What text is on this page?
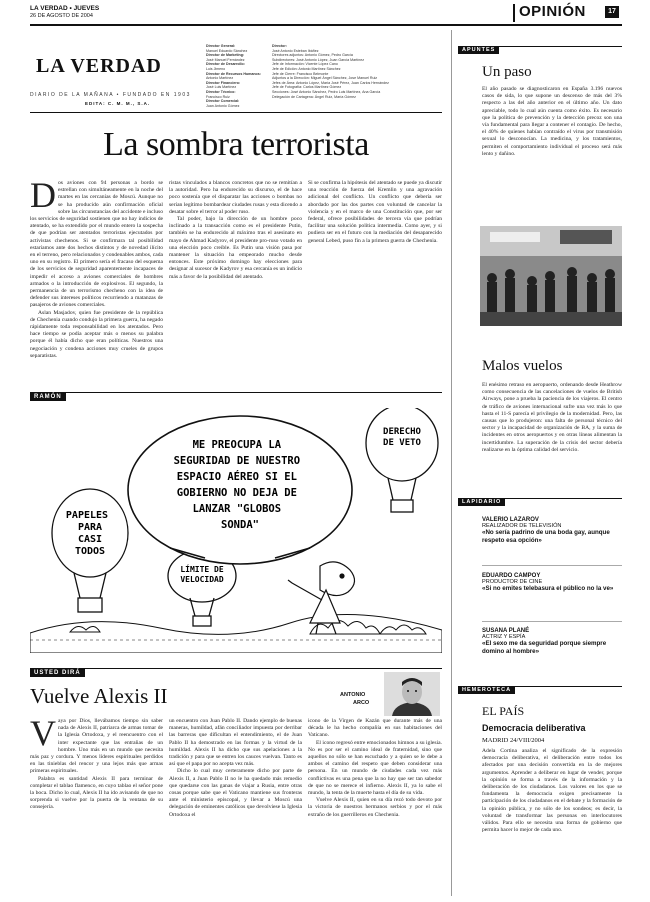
LA VERDAD • JUEVES
26 DE AGOSTO DE 2004	OPINIÓN	17
LA VERDAD
DIARIO DE LA MAÑANA • FUNDADO EN 1903
EDITA: C. M. M., S.A.
Director General:
Manuel Eduardo Sánchez
Director de Marketing:
José Manuel Fernández
Director de Desarrollo:
Luis Jimeno
Director de Recursos Humanos:
Antonio Martínez
Director Financiero:
José Luis Martínez
Director Técnico:
Francisco Ruiz
Director Comercial:
Juan Antonio Gómez
Director:
José Antonio Esteban Ibáñez
Directores adjuntos: Antonio Gómez, Pedro García
Subdirectores: José Antonio López, Juan García Martínez
Jefe de Información: Vicente López Cano
Jefe de Edición: Antonio Martínez Sánchez
Jefe de Cierre: Francisco Belmonte
Adjuntos a la Dirección: Miguel Ángel Sánchez, Jose Manuel Ruiz
Jefes de Área: Antonio López, María José Pérez, Juan Carlos Hernández
Jefe de Fotografía: Carlos Martínez Gómez
Secciones: José Antonio Sánchez, Pedro Luis Martínez, Ana García
Delegación de Cartagena: Ángel Ruiz, María Gómez
La sombra terrorista
D os aviones con 94 personas a bordo se estrellan con simultáneamente en la noche del martes en las cercanías de Moscú. Aunque no se ha producido aún confirmación oficial sobre las circunstancias del accidente e incluso los servicios de seguridad sostienen que no hay indicios de atentado, se ha extendido por el mundo entero la sospecha de que podrían ser atentados terroristas ejecutados por activistas chechenos. Si se confirmara tal posibilidad estaríamos ante dos hechos distintos y de novedad ilícito en el terreno, pero relacionados y condenables ambos, cada uno en su registro. El primero sería el fracaso del esquema de los servicios de seguridad aparentemente incapaces de impedir el acceso a aviones comerciales de hombres armados o la introducción de explosivos. El segundo, la permanencia de un terrorismo checheno con la idea de defender sus intereses políticos recurriendo a matanzas de pasajeros de aviones comerciales.
Aslan Masjadov, quien fue presidente de la república de Chechenia cuando condujo la primera guerra, ha negado rápidamente toda responsabilidad en los atentados. Pero hace tiempo se podía aceptar más o menos su palabra porque él había dicho que eran políticas. Nuestros una negociación y condena acciones muy crueles de grupos separatistas.
ristas vinculados a blancos concretos que no se remitían a la autoridad. Pero ha endurecido su discurso, el de hace poco sostenía que el disparatar las acciones o bombas no serían legítimo bombardear ciudades rusas y esta dicendo a desatar sobre el terror al poder ruso.
Tal poder, bajo la dirección de un hombre poco inclinado a la transacción como es el presidente Putin, también se ha endurecido al máximo tras el asesinato en mayo de Ahmad Kadyrov, el presidente pro-ruso votado en una elección poco creíble. Es Putin una visión pasa por mantener la situación ha empeorado mucho desde entonces. Este próximo domingo hay elecciones para designar al sucesor de Kadyrov y esa cercanía es un indicio más a favor de la posibilidad del atentado.
Si se confirma la hipótesis del atentado se puede ya discutir una reacción de fuerza del Kremlin y una agravación adicional del conflicto. Un conflicto que debería ser abordado por las dos partes con voluntad de cancelar la violencia y en el marco de una Constitución que, por ser federal, ofrece posibilidades de tercera vía que podrían facilitar una solución política intermedia. Como ayer, y si pudiera ser en el futuro con la mediación del desaparecido general Lebed, puso fin a la primera guerra de Chechenia.
RAMÓN
PAPELES PARA CASI TODOS
DERECHO DE VETO
LÍMITE DE VELOCIDAD
ME PREOCUPA LA SEGURIDAD DE NUESTRO ESPACIO AÉREO SI EL GOBIERNO NO DEJA DE LANZAR "GLOBOS SONDA"
USTED DIRÁ
Vuelve Alexis II	ANTONIO
ARCO
V aya por Dios, llevábamos tiempo sin saber nada de Alexis II, patriarca de armas tomar de la Iglesia Ortodoxa, y el reencuentro con el inter expectante que las entrañas de un hombre. Uno más en un mundo que necesita más paz y cordura. Y menos líderes espirituales perdidos en las tinieblas del rencor y una lejos más que armas primeras espirituales.
Palabra es santidad Alexis II para terminar de completar el tablao flamenco, en cuyo tablao el señor pone la boca. Dicho lo cual, Alexis II ha ido avisando de que no sorprenda si vuelve por la puerta de la ventana de su consejería.
un encuentro con Juan Pablo II. Dando ejemplo de buenas maneras, humildad, afán conciliador impuesta por derribar las barreras que dificultan el entendimiento, el de Juan Pablo II ha demostrado en las formas y la virtud de la humildad. Alexis II ha dicho que sus apelaciones a la tradición y para que se entren los cauces vuelvan. Tanto es así que el papa por no acepta vez más.
Dicho lo cual muy certeramente dicho por parte de Alexis II, a Juan Pablo II no le ha quedado más remedio que quedarse con las ganas de viajar a Rusia, entre otras cosas porque sabe que el Vaticano mantiene sus fronteras ante el ministerio episcopal, y llevar a Moscú una delegación de eminentes católicos que devolviese la Iglesia Ortodoxa el
icono de la Virgen de Kazán que durante más de una década le ha hecho compañía en sus habitaciones del Vaticano.
El icono regresó entre emocionados himnos a su iglesia. No es por ser el camino ideal de fraternidad, sino que aquellos no sólo se han escuchado y a quien se le debe a ambos el camino del respeto que deben considerar una persona. En un mundo de ciudades cada vez más conflictivas es una pena que la no hay que ser tan sabedor de que no se merece el infierno. Alexis II, ya lo sabe el mundo, la tenta de la muerte hasta el día de su vida.
Vuelve Alexis II, quien en su día rezó todo devoto por la victoria de nuestros hermanos serbios y por el más extraño de los guerrilleros en Chechenia.
APUNTES
Un paso
El año pasado se diagnosticaron en España 3.196 nuevos casos de sida, lo que supone un descenso de más del 3% respecto a las del año anterior en el último año. Un dato apreciable, todo lo cual aún cuenta como éxito. Es necesario que la política de prevención y la detección precoz son una vía fundamental para llegar a contener el contagio. De hecho, el 40% de quienes habían contraído el virus por transmisión sexual lo desconocían. La medicina, y los tratamientos, permiten el comportamiento individual el proceso será más lento y dañino.
Malos vuelos
El enésimo retraso en aeropuerto, ordenando desde Heathrow como consecuencia de las cancelaciones de vuelos de British Airways, pone a prueba la paciencia de los viajeros. El centro de tráfico de aviones internacional sufre una vez más lo que hasta el 11-S parecía el privilegio de la modernidad. Pero, las causas que lo produjeron: una falta de personal técnico del sector y la incapacidad de organización de BA, y la suma de incidentes en otros aeropuertos y en otras líneas alimentan la incertidumbre. La superación de la crisis del sector debería realizarse en la óptima calidad del servicio.
LAPIDARIO
VALERIO LAZAROV
REALIZADOR DE TELEVISIÓN
«No sería padrino de una boda gay, aunque respeto esa opción»
EDUARDO CAMPOY
PRODUCTOR DE CINE
«Si no emites telebasura el público no la ve»
SUSANA PLANÉ
ACTRIZ Y ESPÍA
«El sexo me da seguridad porque siempre domino al hombre»
HEMEROTECA
EL PAÍS
Democracia deliberativa
MADRID 24/VIII/2004
Adela Cortina analiza el significado de la expresión democracia deliberativa, el deliberación entre todos los afectados por una decisión convertida en la de mejores argumentos. Aprender a deliberar en lugar de vender, porque la opinión se forma a través de la información y la deliberación de los ciudadanos. Los valores en los que se fundamenta la democracia exigen precisamente la participación de los ciudadanos en el debate y la formación de la opinión pública, y no sólo de los sondeos; es decir, la voluntad de transformar las personas en interlocutores válidos. Para ello se necesita una forma de gobierno que permita hacer lo mejor de cada uno.
